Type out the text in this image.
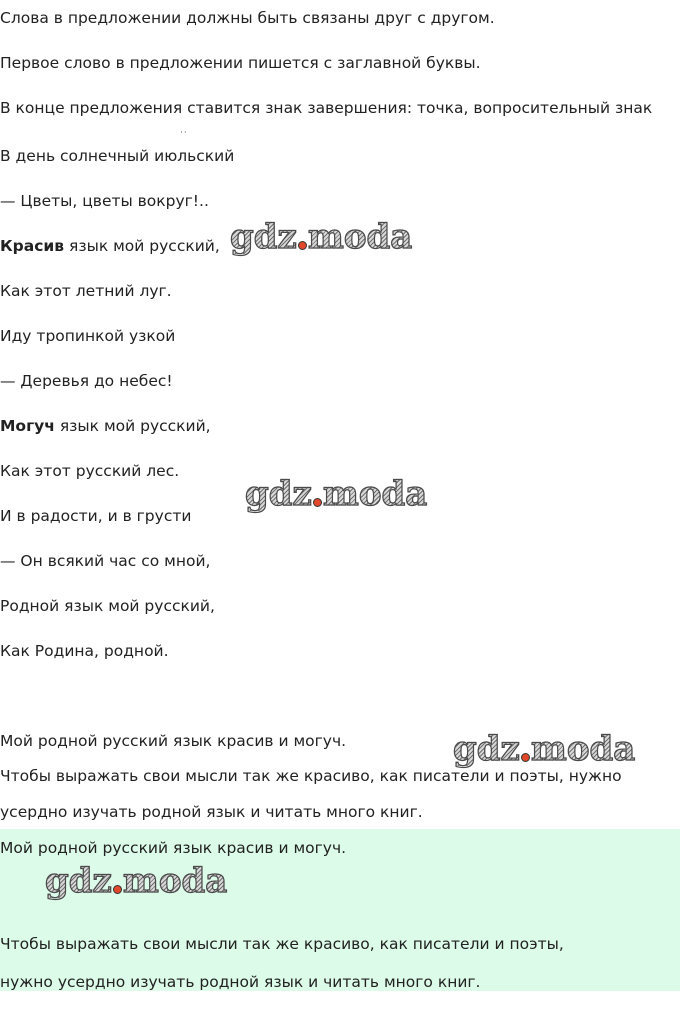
Слова в предложении должны быть связаны друг с другом.
Первое слово в предложении пишется с заглавной буквы.
В конце предложения ставится знак завершения: точка, вопросительный знак
··
В день солнечный июльский
— Цветы, цветы вокруг!..
Красив язык мой русский,
Как этот летний луг.
Иду тропинкой узкой
— Деревья до небес!
Могуч язык мой русский,
Как этот русский лес.
И в радости, и в грусти
— Он всякий час со мной,
Родной язык мой русский,
Как Родина, родной.
Мой родной русский язык красив и могуч.
Чтобы выражать свои мысли так же красиво, как писатели и поэты, нужно
усердно изучать родной язык и читать много книг.
Мой родной русский язык красив и могуч.
Чтобы выражать свои мысли так же красиво, как писатели и поэты,
нужно усердно изучать родной язык и читать много книг.
gdz moda
gdz moda
gdz moda
gdz moda
